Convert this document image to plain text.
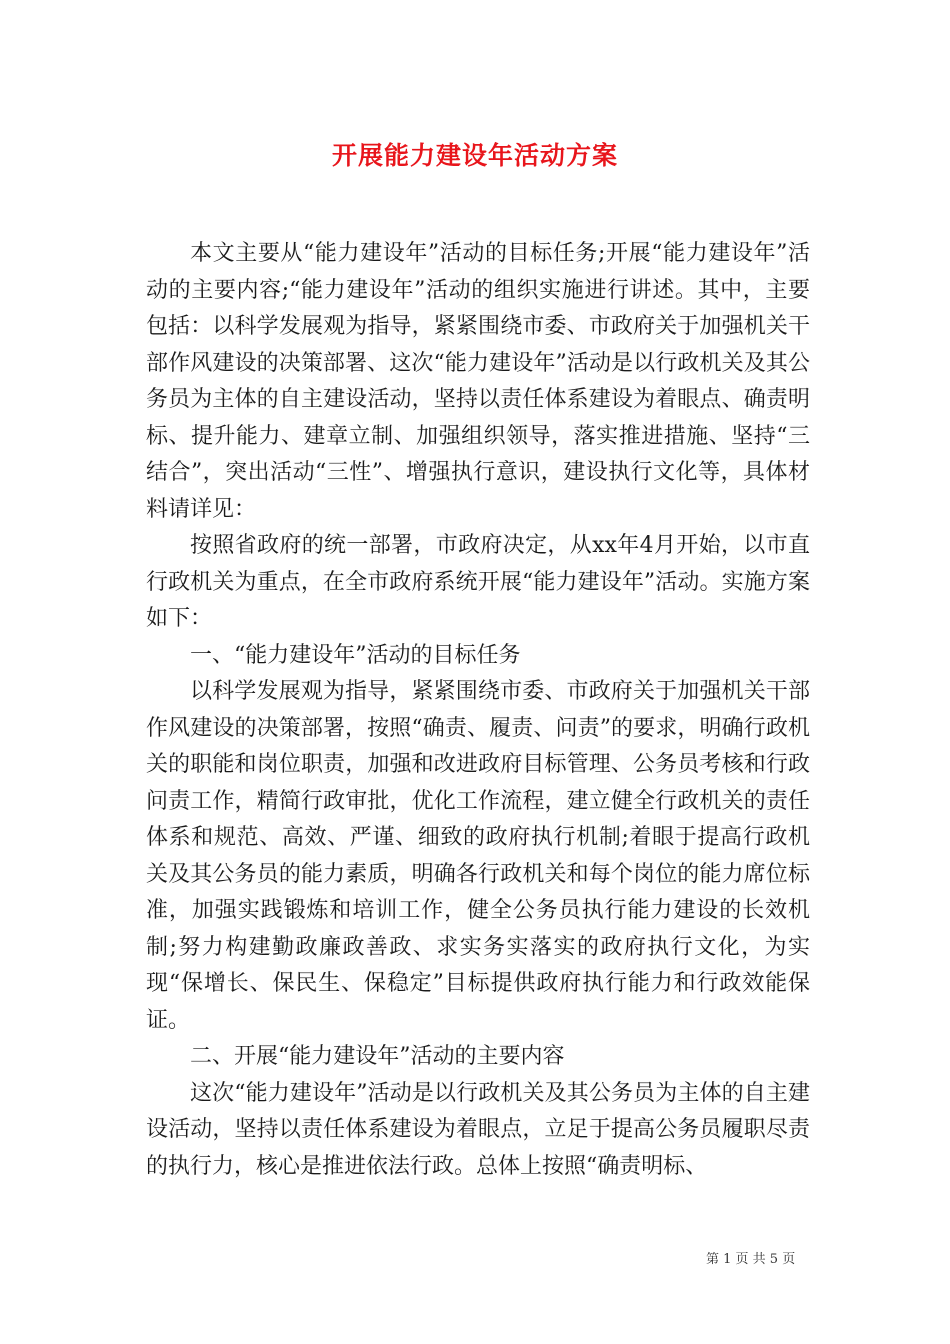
开展能力建设年活动方案

本文主要从“能力建设年”活动的目标任务;开展“能力建设年”活动的主要内容;“能力建设年”活动的组织实施进行讲述。其中，主要包括：以科学发展观为指导，紧紧围绕市委、市政府关于加强机关干部作风建设的决策部署、这次“能力建设年”活动是以行政机关及其公务员为主体的自主建设活动，坚持以责任体系建设为着眼点、确责明标、提升能力、建章立制、加强组织领导，落实推进措施、坚持“三结合”，突出活动“三性”、增强执行意识，建设执行文化等，具体材料请详见：

按照省政府的统一部署，市政府决定，从xx年4月开始，以市直行政机关为重点，在全市政府系统开展“能力建设年”活动。实施方案如下：

一、“能力建设年”活动的目标任务

以科学发展观为指导，紧紧围绕市委、市政府关于加强机关干部作风建设的决策部署，按照“确责、履责、问责”的要求，明确行政机关的职能和岗位职责，加强和改进政府目标管理、公务员考核和行政问责工作，精简行政审批，优化工作流程，建立健全行政机关的责任体系和规范、高效、严谨、细致的政府执行机制;着眼于提高行政机关及其公务员的能力素质，明确各行政机关和每个岗位的能力席位标准，加强实践锻炼和培训工作，健全公务员执行能力建设的长效机制;努力构建勤政廉政善政、求实务实落实的政府执行文化，为实现“保增长、保民生、保稳定”目标提供政府执行能力和行政效能保证。

二、开展“能力建设年”活动的主要内容

这次“能力建设年”活动是以行政机关及其公务员为主体的自主建设活动，坚持以责任体系建设为着眼点，立足于提高公务员履职尽责的执行力，核心是推进依法行政。总体上按照“确责明标、

第 1 页 共 5 页
